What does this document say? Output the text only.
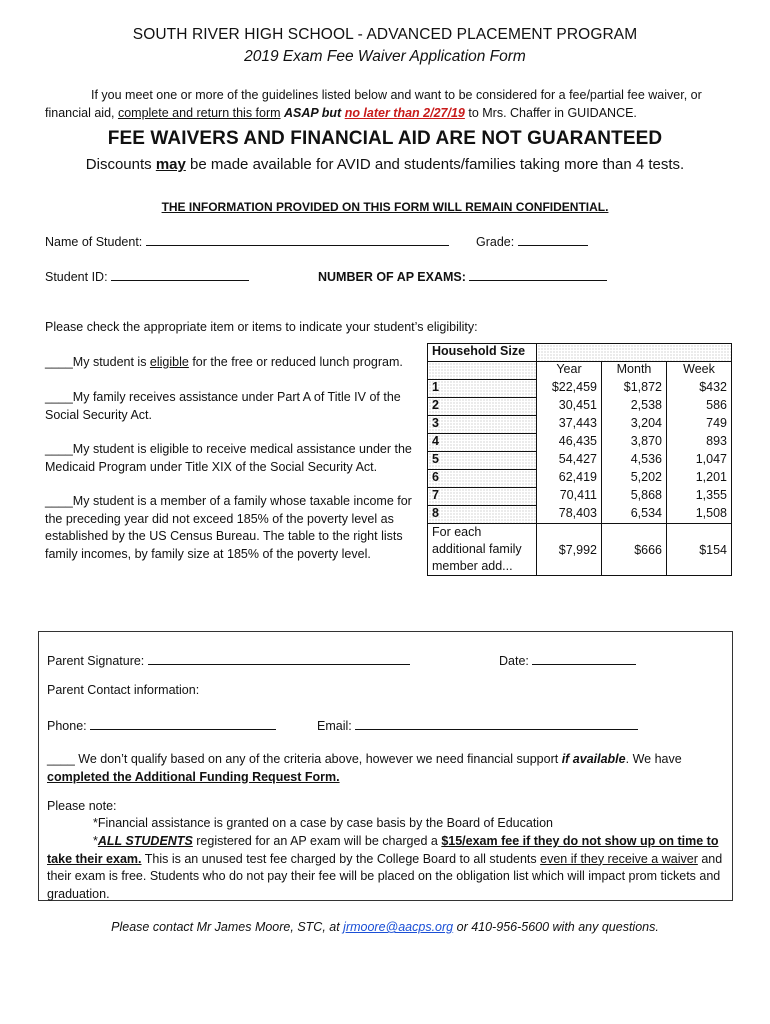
SOUTH RIVER HIGH SCHOOL - ADVANCED PLACEMENT PROGRAM
2019 Exam Fee Waiver Application Form
If you meet one or more of the guidelines listed below and want to be considered for a fee/partial fee waiver, or financial aid, complete and return this form ASAP but no later than 2/27/19 to Mrs. Chaffer in GUIDANCE.
FEE WAIVERS AND FINANCIAL AID ARE NOT GUARANTEED
Discounts may be made available for AVID and students/families taking more than 4 tests.
THE INFORMATION PROVIDED ON THIS FORM WILL REMAIN CONFIDENTIAL.
Name of Student:	Grade:
Student ID:	NUMBER OF AP EXAMS:
Please check the appropriate item or items to indicate your student’s eligibility:
____My student is eligible for the free or reduced lunch program.
____My family receives assistance under Part A of Title IV of the Social Security Act.
____My student is eligible to receive medical assistance under the Medicaid Program under Title XIX of the Social Security Act.
____My student is a member of a family whose taxable income for the preceding year did not exceed 185% of the poverty level as established by the US Census Bureau. The table to the right lists family incomes, by family size at 185% of the poverty level.
Household Size			
	Year	Month	Week
1	$22,459	$1,872	$432
2	30,451	2,538	586
3	37,443	3,204	749
4	46,435	3,870	893
5	54,427	4,536	1,047
6	62,419	5,202	1,201
7	70,411	5,868	1,355
8	78,403	6,534	1,508
For each additional family member add...	$7,992	$666	$154
Parent Signature:	Date:
Parent Contact information:
Phone:	Email:
____ We don’t qualify based on any of the criteria above, however we need financial support if available. We have completed the Additional Funding Request Form.
Please note:
*Financial assistance is granted on a case by case basis by the Board of Education
*ALL STUDENTS registered for an AP exam will be charged a $15/exam fee if they do not show up on time to take their exam. This is an unused test fee charged by the College Board to all students even if they receive a waiver and their exam is free. Students who do not pay their fee will be placed on the obligation list which will impact prom tickets and graduation.
Please contact Mr James Moore, STC, at jrmoore@aacps.org or 410-956-5600 with any questions.
